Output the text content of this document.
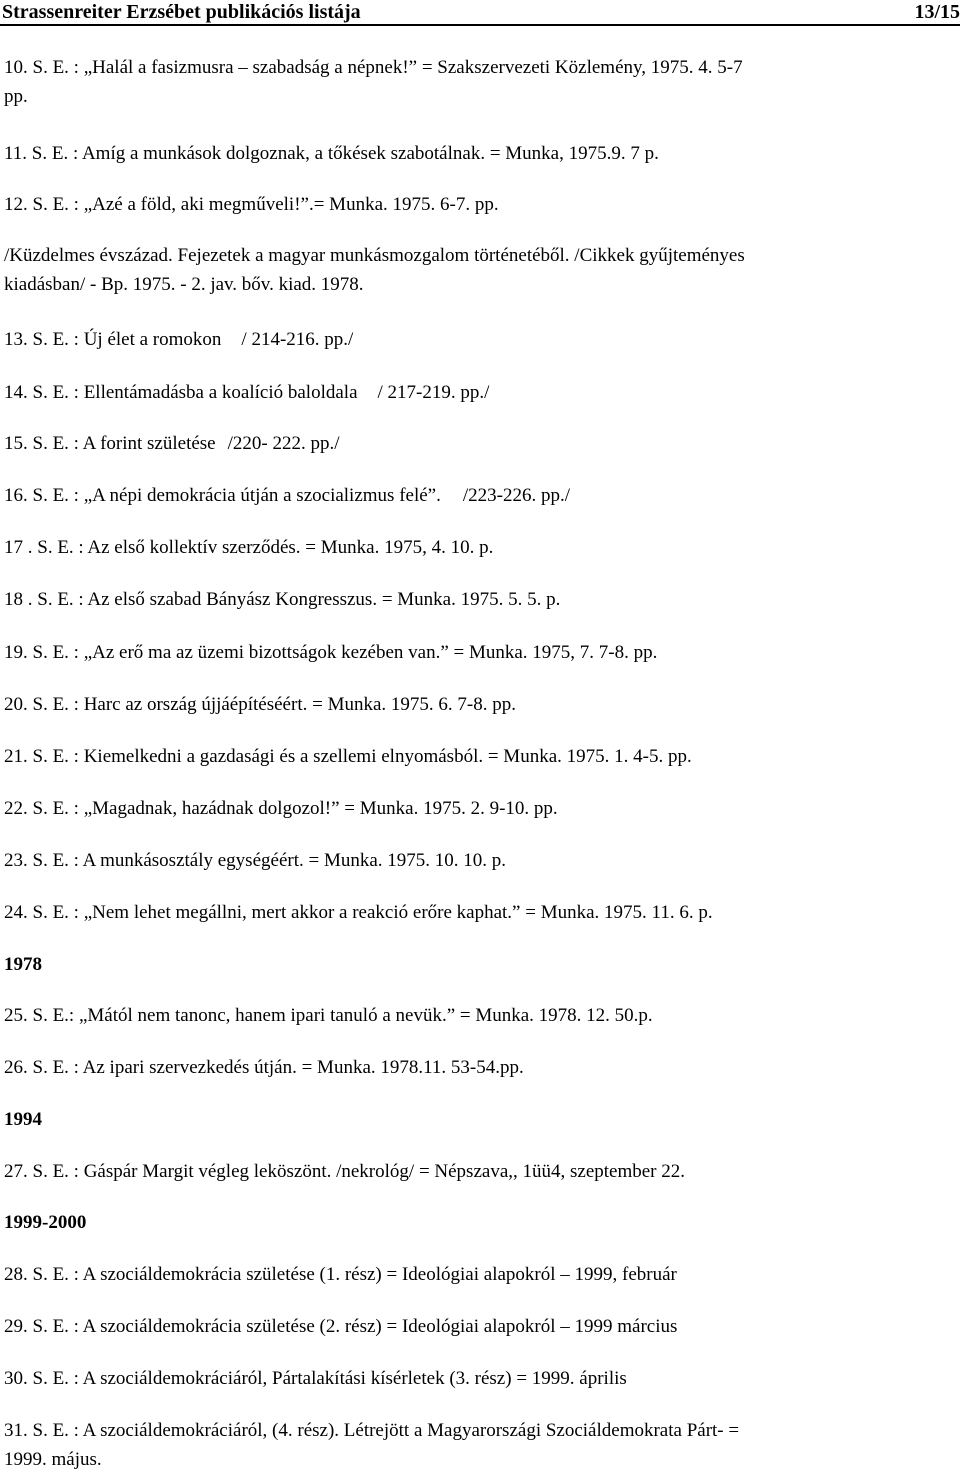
Strassenreiter Erzsébet publikációs listája	13/15
10. S. E. : „Halál a fasizmusra – szabadság a népnek!” = Szakszervezeti Közlemény, 1975. 4. 5-7
pp.
11. S. E. : Amíg a munkások dolgoznak, a tőkések szabotálnak. = Munka, 1975.9. 7 p.
12. S. E. : „Azé a föld, aki megműveli!”.= Munka. 1975. 6-7. pp.
/Küzdelmes évszázad. Fejezetek a magyar munkásmozgalom történetéből. /Cikkek gyűjteményes
kiadásban/ - Bp. 1975. - 2. jav. bőv. kiad. 1978.
13. S. E. : Új élet a romokon / 214-216. pp./
14. S. E. : Ellentámadásba a koalíció baloldala / 217-219. pp./
15. S. E. : A forint születése /220- 222. pp./
16. S. E. : „A népi demokrácia útján a szocializmus felé”. /223-226. pp./
17 . S. E. : Az első kollektív szerződés. = Munka. 1975, 4. 10. p.
18 . S. E. : Az első szabad Bányász Kongresszus. = Munka. 1975. 5. 5. p.
19. S. E. : „Az erő ma az üzemi bizottságok kezében van.” = Munka. 1975, 7. 7-8. pp.
20. S. E. : Harc az ország újjáépítéséért. = Munka. 1975. 6. 7-8. pp.
21. S. E. : Kiemelkedni a gazdasági és a szellemi elnyomásból. = Munka. 1975. 1. 4-5. pp.
22. S. E. : „Magadnak, hazádnak dolgozol!” = Munka. 1975. 2. 9-10. pp.
23. S. E. : A munkásosztály egységéért. = Munka. 1975. 10. 10. p.
24. S. E. : „Nem lehet megállni, mert akkor a reakció erőre kaphat.” = Munka. 1975. 11. 6. p.
1978
25. S. E.: „Mától nem tanonc, hanem ipari tanuló a nevük.” = Munka. 1978. 12. 50.p.
26. S. E. : Az ipari szervezkedés útján. = Munka. 1978.11. 53-54.pp.
1994
27. S. E. : Gáspár Margit végleg leköszönt. /nekrológ/ = Népszava,, 1üü4, szeptember 22.
1999-2000
28. S. E. : A szociáldemokrácia születése (1. rész) = Ideológiai alapokról – 1999, február
29. S. E. : A szociáldemokrácia születése (2. rész) = Ideológiai alapokról – 1999 március
30. S. E. : A szociáldemokráciáról, Pártalakítási kísérletek (3. rész) = 1999. április
31. S. E. : A szociáldemokráciáról, (4. rész). Létrejött a Magyarországi Szociáldemokrata Párt- =
1999. május.
